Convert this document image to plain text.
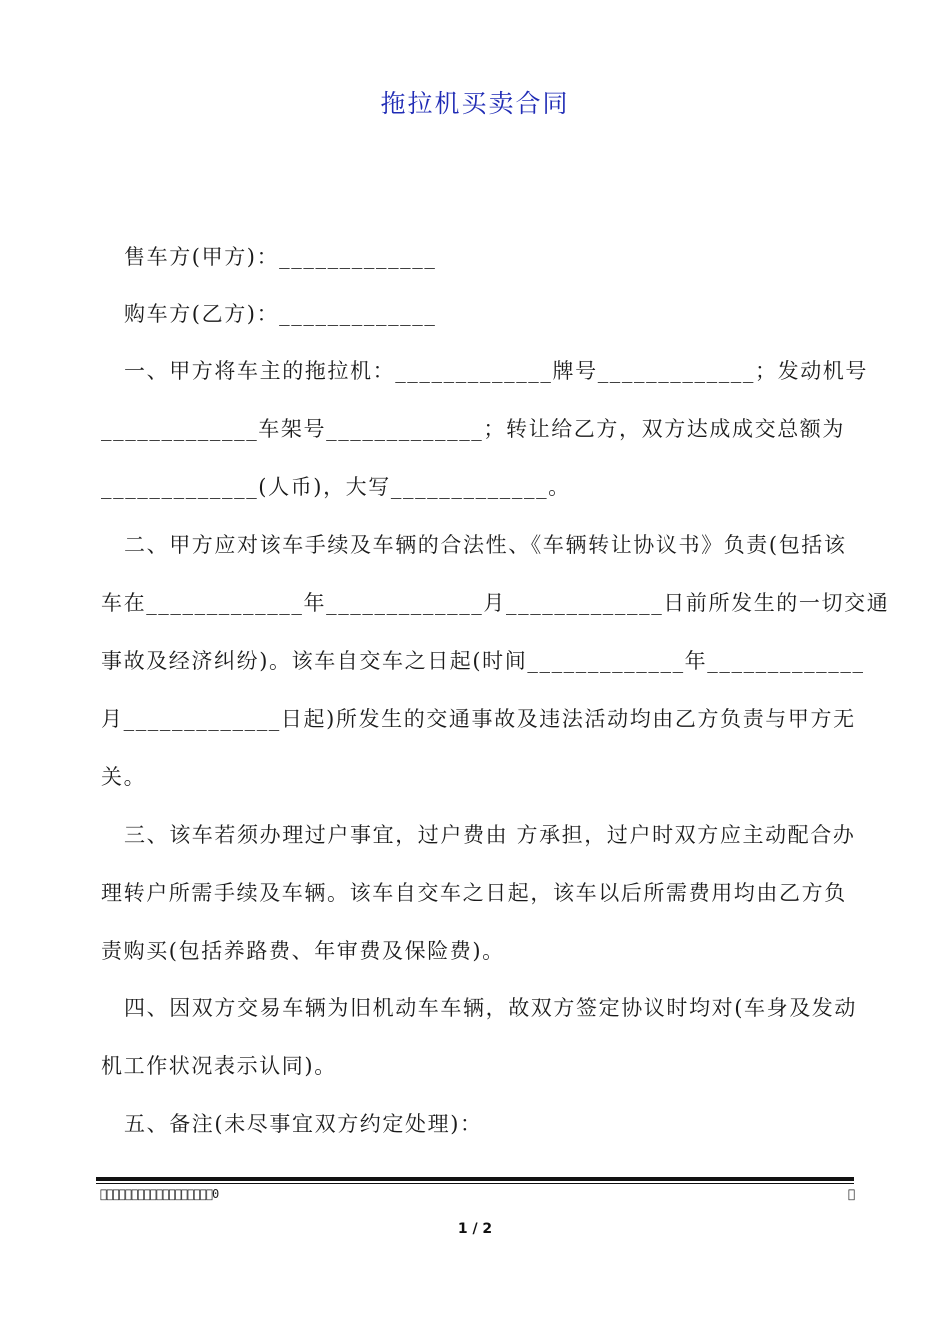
拖拉机买卖合同
售车方(甲方)：_____________
购车方(乙方)：_____________
一、甲方将车主的拖拉机：_____________牌号_____________；发动机号
_____________车架号_____________；转让给乙方，双方达成成交总额为
_____________(人币)，大写_____________。
二、甲方应对该车手续及车辆的合法性、《车辆转让协议书》负责(包括该
车在_____________年_____________月_____________日前所发生的一切交通
事故及经济纠纷)。该车自交车之日起(时间_____________年_____________
月_____________日起)所发生的交通事故及违法活动均由乙方负责与甲方无
关。
三、该车若须办理过户事宜，过户费由 方承担，过户时双方应主动配合办
理转户所需手续及车辆。该车自交车之日起，该车以后所需费用均由乙方负
责购买(包括养路费、年审费及保险费)。
四、因双方交易车辆为旧机动车车辆，故双方签定协议时均对(车身及发动
机工作状况表示认同)。
五、备注(未尽事宜双方约定处理)：
                  0	 
1 / 2
